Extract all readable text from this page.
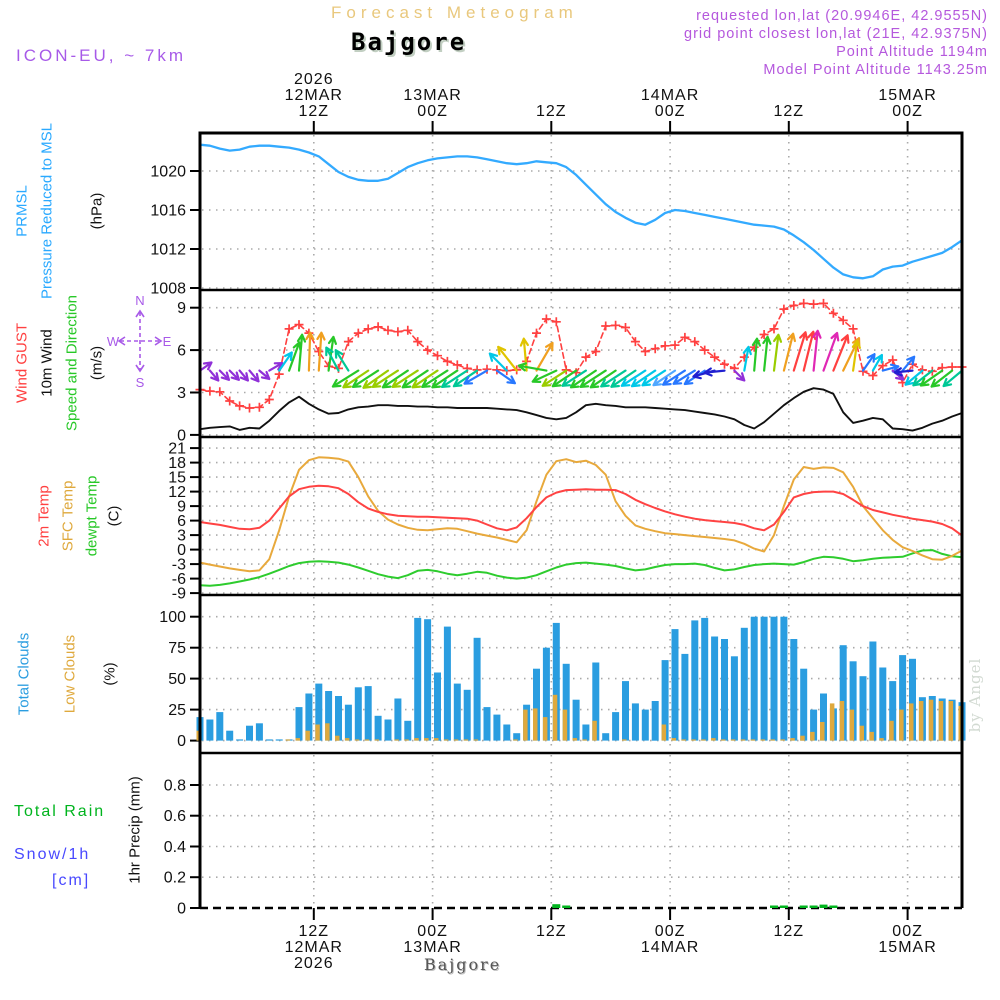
Forecast Meteogram
Bajgore
requested lon,lat (20.9946E, 42.9555N)
grid point closest lon,lat (21E, 42.9375N)
Point Altitude 1194m
Model Point Altitude 1143.25m
ICON-EU, ~ 7km
1020
1016
1012
1008
9
6
3
0
21
18
15
12
9
6
3
0
-3
-6
-9
100
75
50
25
0
0.8
0.6
0.4
0.2
0
2026
12MAR
12Z
12Z
12MAR
2026
13MAR
00Z
00Z
13MAR
12Z
12Z
14MAR
00Z
00Z
14MAR
12Z
12Z
15MAR
00Z
00Z
15MAR
N
S
W	E
PRMSL Pressure Reduced to MSL (hPa)
Wind GUST 10m Wind Speed and Direction (m/s)
2m Temp SFC Temp dewpt Temp (C)
Total Clouds Low Clouds (%)
Total Rain
Snow/1h
[cm] 1hr Precip (mm)
Bajgore
by Angel
